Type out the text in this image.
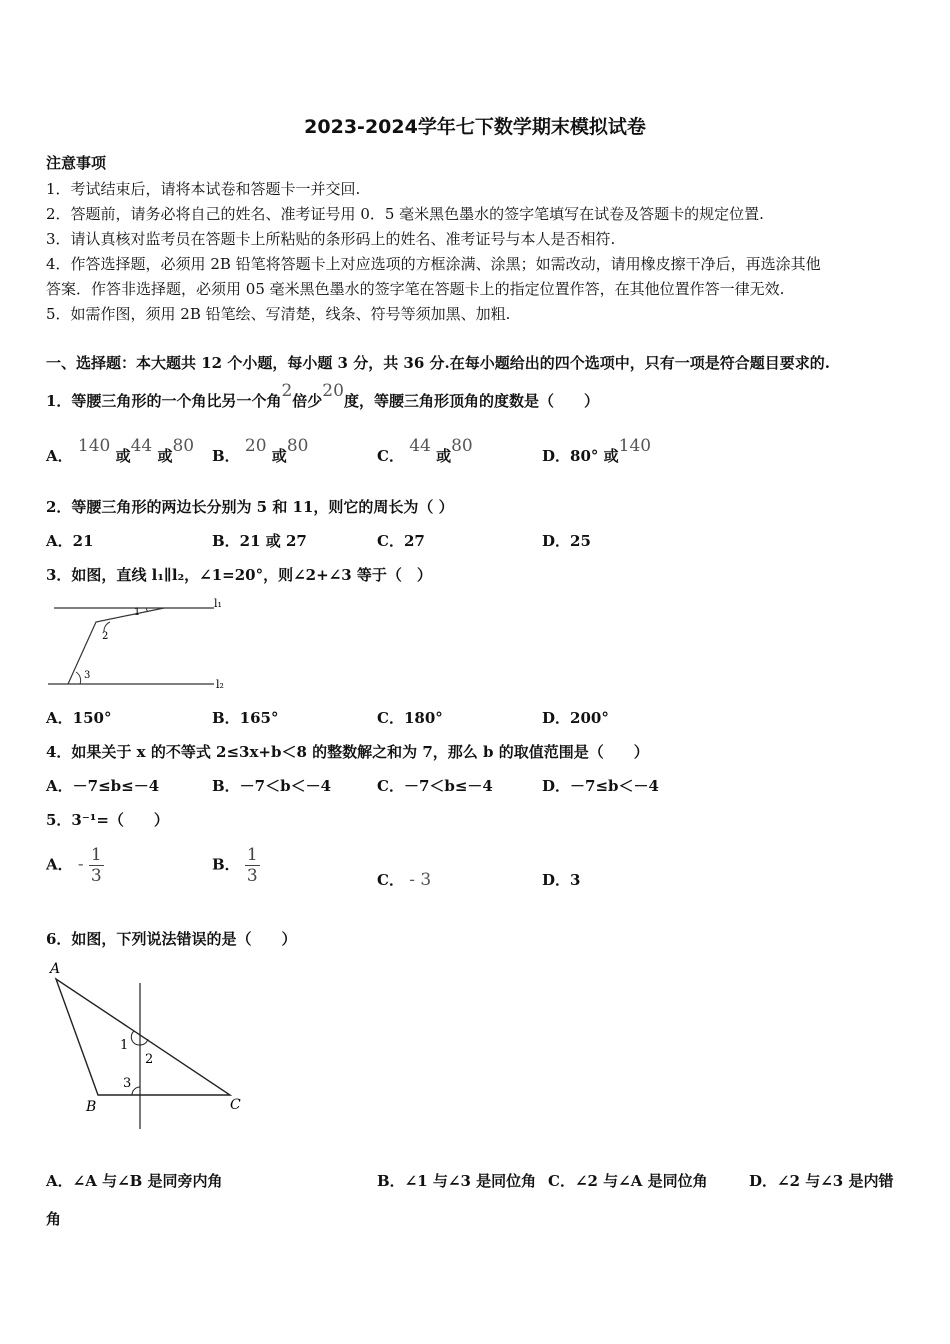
2023-2024学年七下数学期末模拟试卷
注意事项
1．考试结束后，请将本试卷和答题卡一并交回.
2．答题前，请务必将自己的姓名、准考证号用 0．5 毫米黑色墨水的签字笔填写在试卷及答题卡的规定位置.
3．请认真核对监考员在答题卡上所粘贴的条形码上的姓名、准考证号与本人是否相符.
4．作答选择题，必须用 2B 铅笔将答题卡上对应选项的方框涂满、涂黑；如需改动，请用橡皮擦干净后，再选涂其他
答案．作答非选择题，必须用 05 毫米黑色墨水的签字笔在答题卡上的指定位置作答，在其他位置作答一律无效.
5．如需作图，须用 2B 铅笔绘、写清楚，线条、符号等须加黑、加粗.
一、选择题：本大题共 12 个小题，每小题 3 分，共 36 分.在每小题给出的四个选项中，只有一项是符合题目要求的.
1．等腰三角形的一个角比另一个角2倍少20度，等腰三角形顶角的度数是（　　）
A． 140 或44 或80 B． 20 或80	C． 44 或80	D．80° 或140
2．等腰三角形的两边长分别为 5 和 11，则它的周长为（ ）
A．21	B．21 或 27	C．27	D．25
3．如图，直线 l₁∥l₂，∠1=20°，则∠2+∠3 等于（　）
l₁
l₂
1
2
3
A．150°	B．165°	C．180°	D．200°
4．如果关于 x 的不等式 2≤3x+b＜8 的整数解之和为 7，那么 b 的取值范围是（　　）
A．－7≤b≤－4	B．－7＜b＜－4	C．－7＜b≤－4	D．－7≤b＜－4
5．3⁻¹=（　　）
A． - $\frac{1}{3}$	B． $\frac{1}{3}$	C． - 3	D．3
6．如图，下列说法错误的是（　　）
A
B	C
1
2
3
A．∠A 与∠B 是同旁内角	B．∠1 与∠3 是同位角 C．∠2 与∠A 是同位角	D．∠2 与∠3 是内错
角
